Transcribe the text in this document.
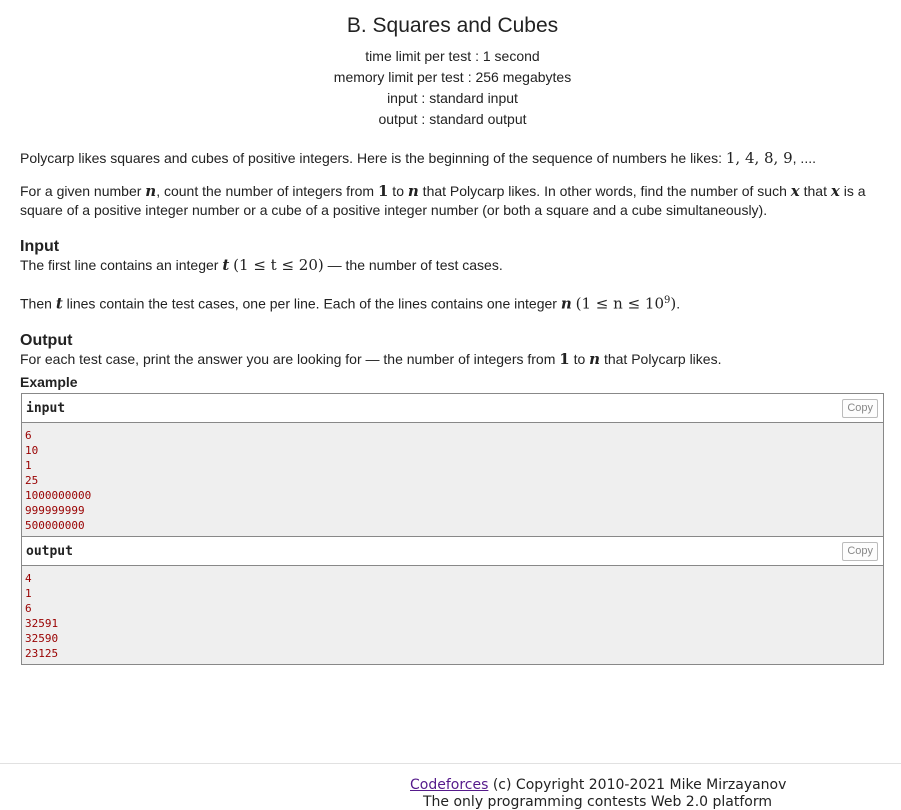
B. Squares and Cubes
time limit per test : 1 second
memory limit per test : 256 megabytes
input : standard input
output : standard output

Polycarp likes squares and cubes of positive integers. Here is the beginning of the sequence of numbers he likes: 1, 4, 8, 9, ....

For a given number n, count the number of integers from 1 to n that Polycarp likes. In other words, find the number of such x that x is a square of a positive integer number or a cube of a positive integer number (or both a square and a cube simultaneously).

Input

The first line contains an integer t (1 ≤ t ≤ 20) — the number of test cases.

Then t lines contain the test cases, one per line. Each of the lines contains one integer n $(1 \le n \le 10^9)$.

Output

For each test case, print the answer you are looking for — the number of integers from 1 to n that Polycarp likes.

Example
input	Copy
6
10
1
25
1000000000
999999999
500000000
output	Copy
4
1
6
32591
32590
23125
Codeforces (c) Copyright 2010-2021 Mike Mirzayanov
The only programming contests Web 2.0 platform
